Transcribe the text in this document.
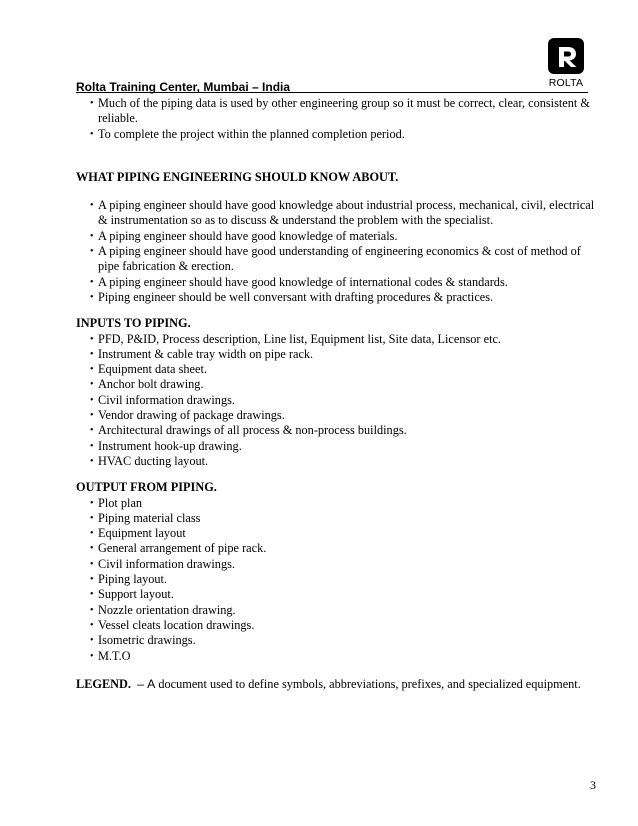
ROLTA
Rolta Training Center, Mumbai – India
• Much of the piping data is used by other engineering group so it must be correct, clear, consistent & reliable.
• To complete the project within the planned completion period.
WHAT PIPING ENGINEERING SHOULD KNOW ABOUT.
• A piping engineer should have good knowledge about industrial process, mechanical, civil, electrical & instrumentation so as to discuss & understand the problem with the specialist.
• A piping engineer should have good knowledge of materials.
• A piping engineer should have good understanding of engineering economics & cost of method of pipe fabrication & erection.
• A piping engineer should have good knowledge of international codes & standards.
• Piping engineer should be well conversant with drafting procedures & practices.
INPUTS TO PIPING.
• PFD, P&ID, Process description, Line list, Equipment list, Site data, Licensor etc.
• Instrument & cable tray width on pipe rack.
• Equipment data sheet.
• Anchor bolt drawing.
• Civil information drawings.
• Vendor drawing of package drawings.
• Architectural drawings of all process & non-process buildings.
• Instrument hook-up drawing.
• HVAC ducting layout.
OUTPUT FROM PIPING.
• Plot plan
• Piping material class
• Equipment layout
• General arrangement of pipe rack.
• Civil information drawings.
• Piping layout.
• Support layout.
• Nozzle orientation drawing.
• Vessel cleats location drawings.
• Isometric drawings.
• M.T.O
LEGEND. – A document used to define symbols, abbreviations, prefixes, and specialized equipment.
3
